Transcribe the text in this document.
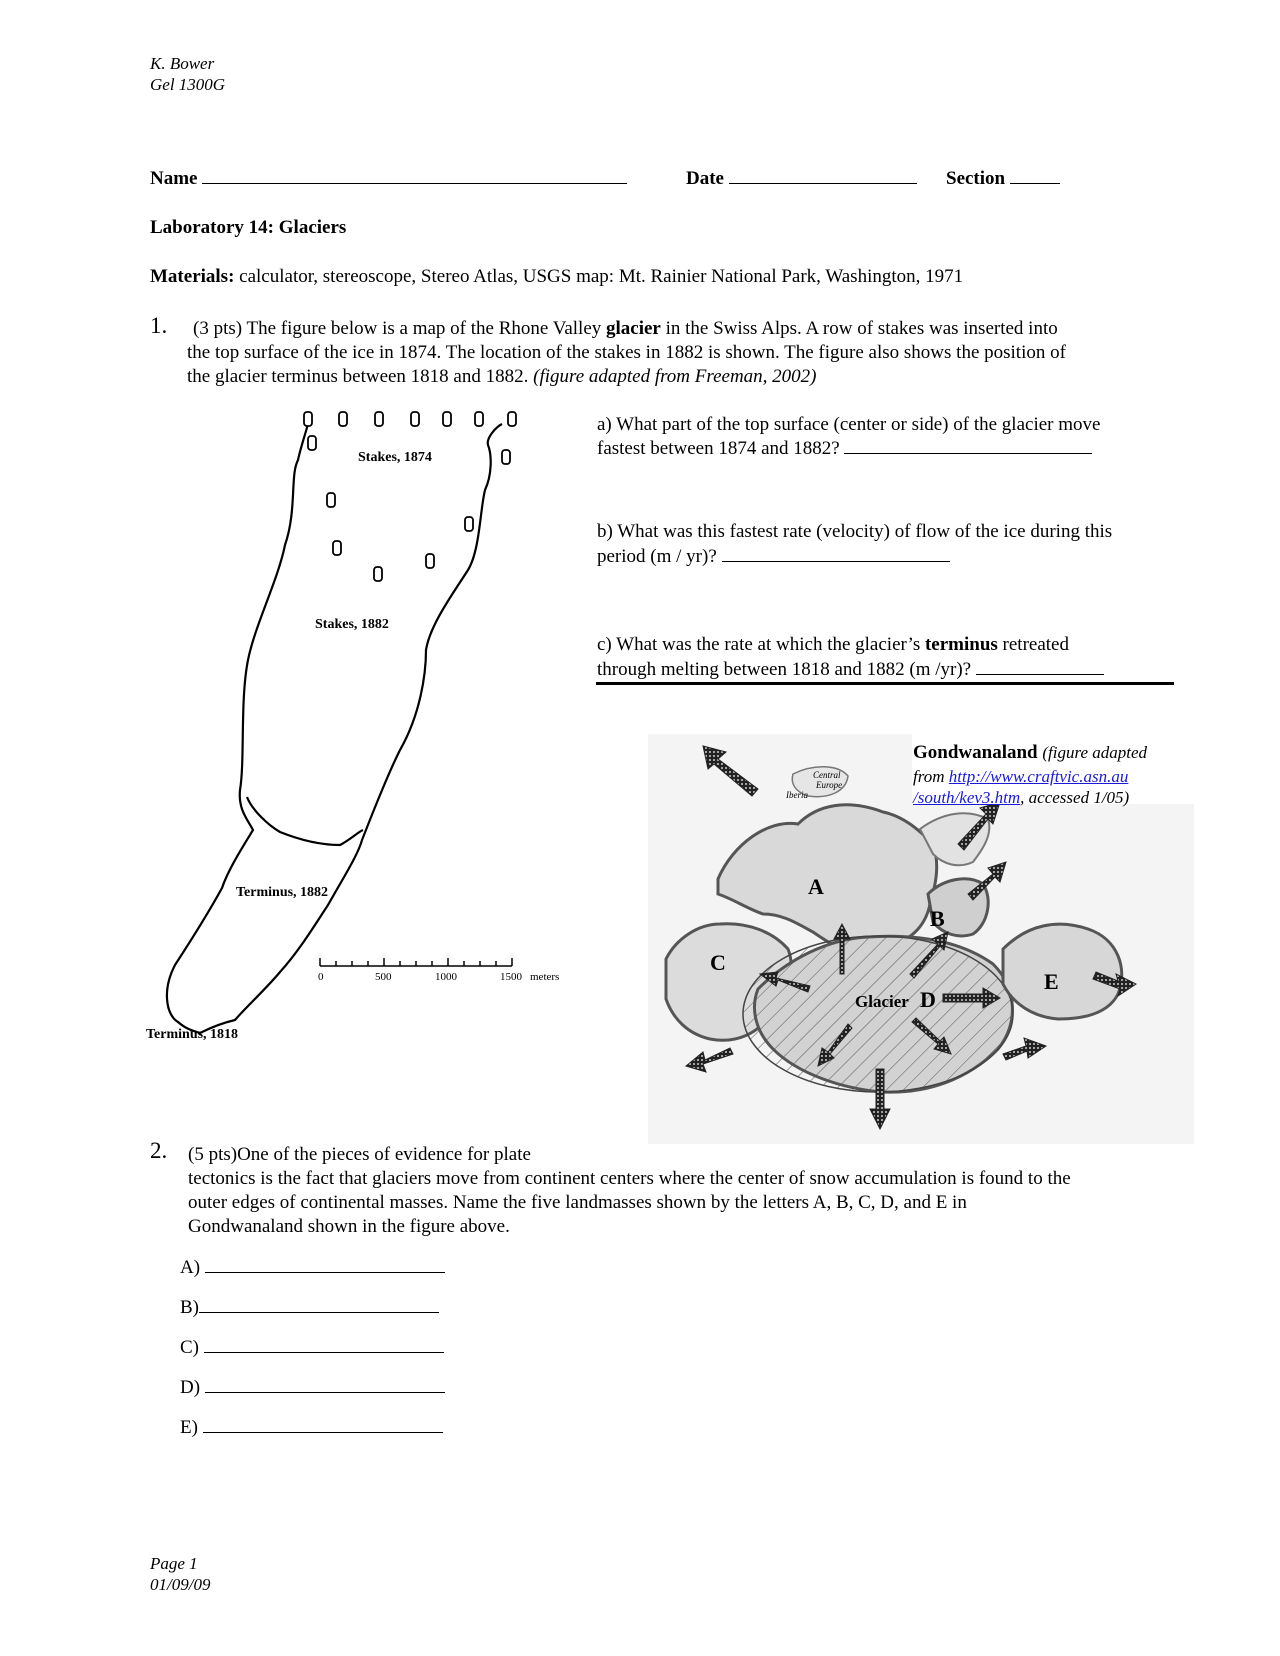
K. Bower
Gel 1300G
Name	Date	Section
Laboratory 14: Glaciers
Materials: calculator, stereoscope, Stereo Atlas, USGS map: Mt. Rainier National Park, Washington, 1971
1. (3 pts) The figure below is a map of the Rhone Valley glacier in the Swiss Alps. A row of stakes was inserted into
the top surface of the ice in 1874. The location of the stakes in 1882 is shown. The figure also shows the position of
the glacier terminus between 1818 and 1882. (figure adapted from Freeman, 2002)
a) What part of the top surface (center or side) of the glacier move
fastest between 1874 and 1882?
b) What was this fastest rate (velocity) of flow of the ice during this
period (m / yr)?
c) What was the rate at which the glacier’s terminus retreated
through melting between 1818 and 1882 (m /yr)?
Stakes, 1874
Stakes, 1882
Terminus, 1882
Terminus, 1818
0	500	1000	1500 meters
Central
Europe
Iberia
A
B
C
D
E
Glacier
Gondwanaland (figure adapted
from http://www.craftvic.asn.au
/south/kev3.htm, accessed 1/05)
2. (5 pts)One of the pieces of evidence for plate
tectonics is the fact that glaciers move from continent centers where the center of snow accumulation is found to the
outer edges of continental masses. Name the five landmasses shown by the letters A, B, C, D, and E in
Gondwanaland shown in the figure above.
A)
B)
C)
D)
E)
Page 1
01/09/09
